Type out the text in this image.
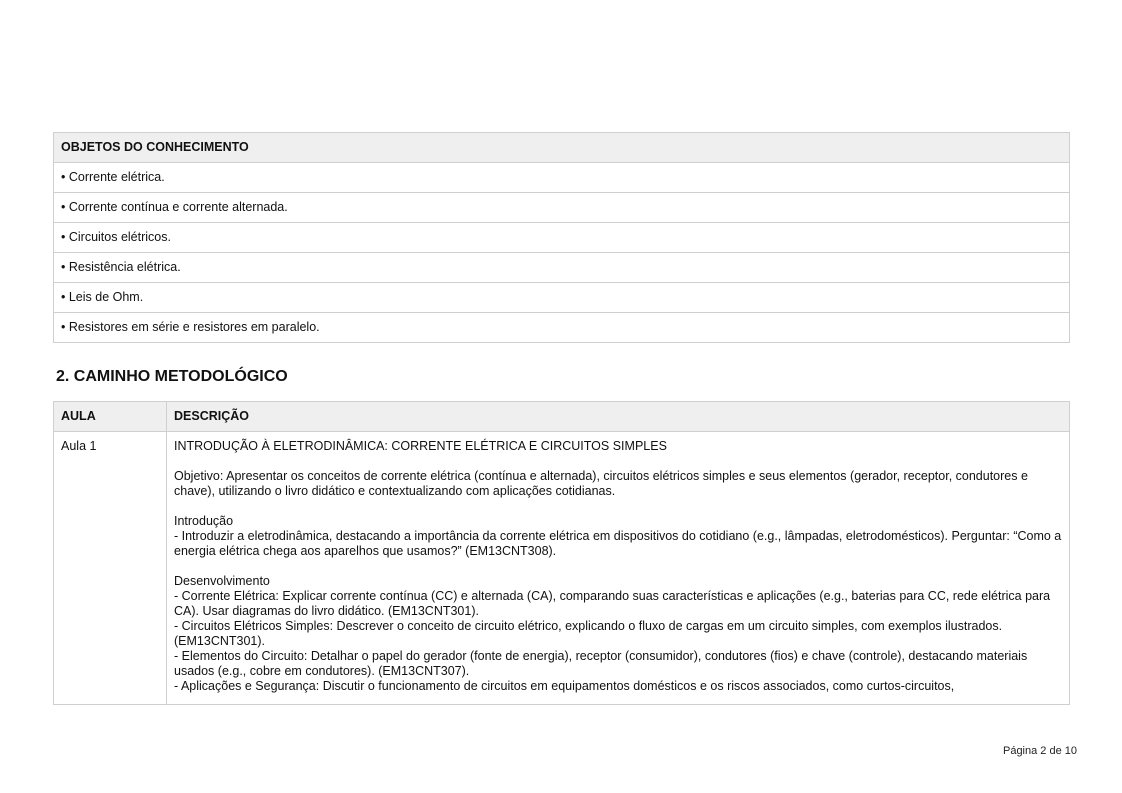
OBJETOS DO CONHECIMENTO
• Corrente elétrica.
• Corrente contínua e corrente alternada.
• Circuitos elétricos.
• Resistência elétrica.
• Leis de Ohm.
• Resistores em série e resistores em paralelo.
2. CAMINHO METODOLÓGICO
AULA	DESCRIÇÃO
Aula 1	INTRODUÇÃO À ELETRODINÂMICA: CORRENTE ELÉTRICA E CIRCUITOS SIMPLES
Objetivo: Apresentar os conceitos de corrente elétrica (contínua e alternada), circuitos elétricos simples e seus elementos (gerador, receptor, condutores e chave), utilizando o livro didático e contextualizando com aplicações cotidianas.
Introdução
- Introduzir a eletrodinâmica, destacando a importância da corrente elétrica em dispositivos do cotidiano (e.g., lâmpadas, eletrodomésticos). Perguntar: “Como a energia elétrica chega aos aparelhos que usamos?” (EM13CNT308).
Desenvolvimento
- Corrente Elétrica: Explicar corrente contínua (CC) e alternada (CA), comparando suas características e aplicações (e.g., baterias para CC, rede elétrica para CA). Usar diagramas do livro didático. (EM13CNT301).
- Circuitos Elétricos Simples: Descrever o conceito de circuito elétrico, explicando o fluxo de cargas em um circuito simples, com exemplos ilustrados. (EM13CNT301).
- Elementos do Circuito: Detalhar o papel do gerador (fonte de energia), receptor (consumidor), condutores (fios) e chave (controle), destacando materiais usados (e.g., cobre em condutores). (EM13CNT307).
- Aplicações e Segurança: Discutir o funcionamento de circuitos em equipamentos domésticos e os riscos associados, como curtos-circuitos,
Página 2 de 10
